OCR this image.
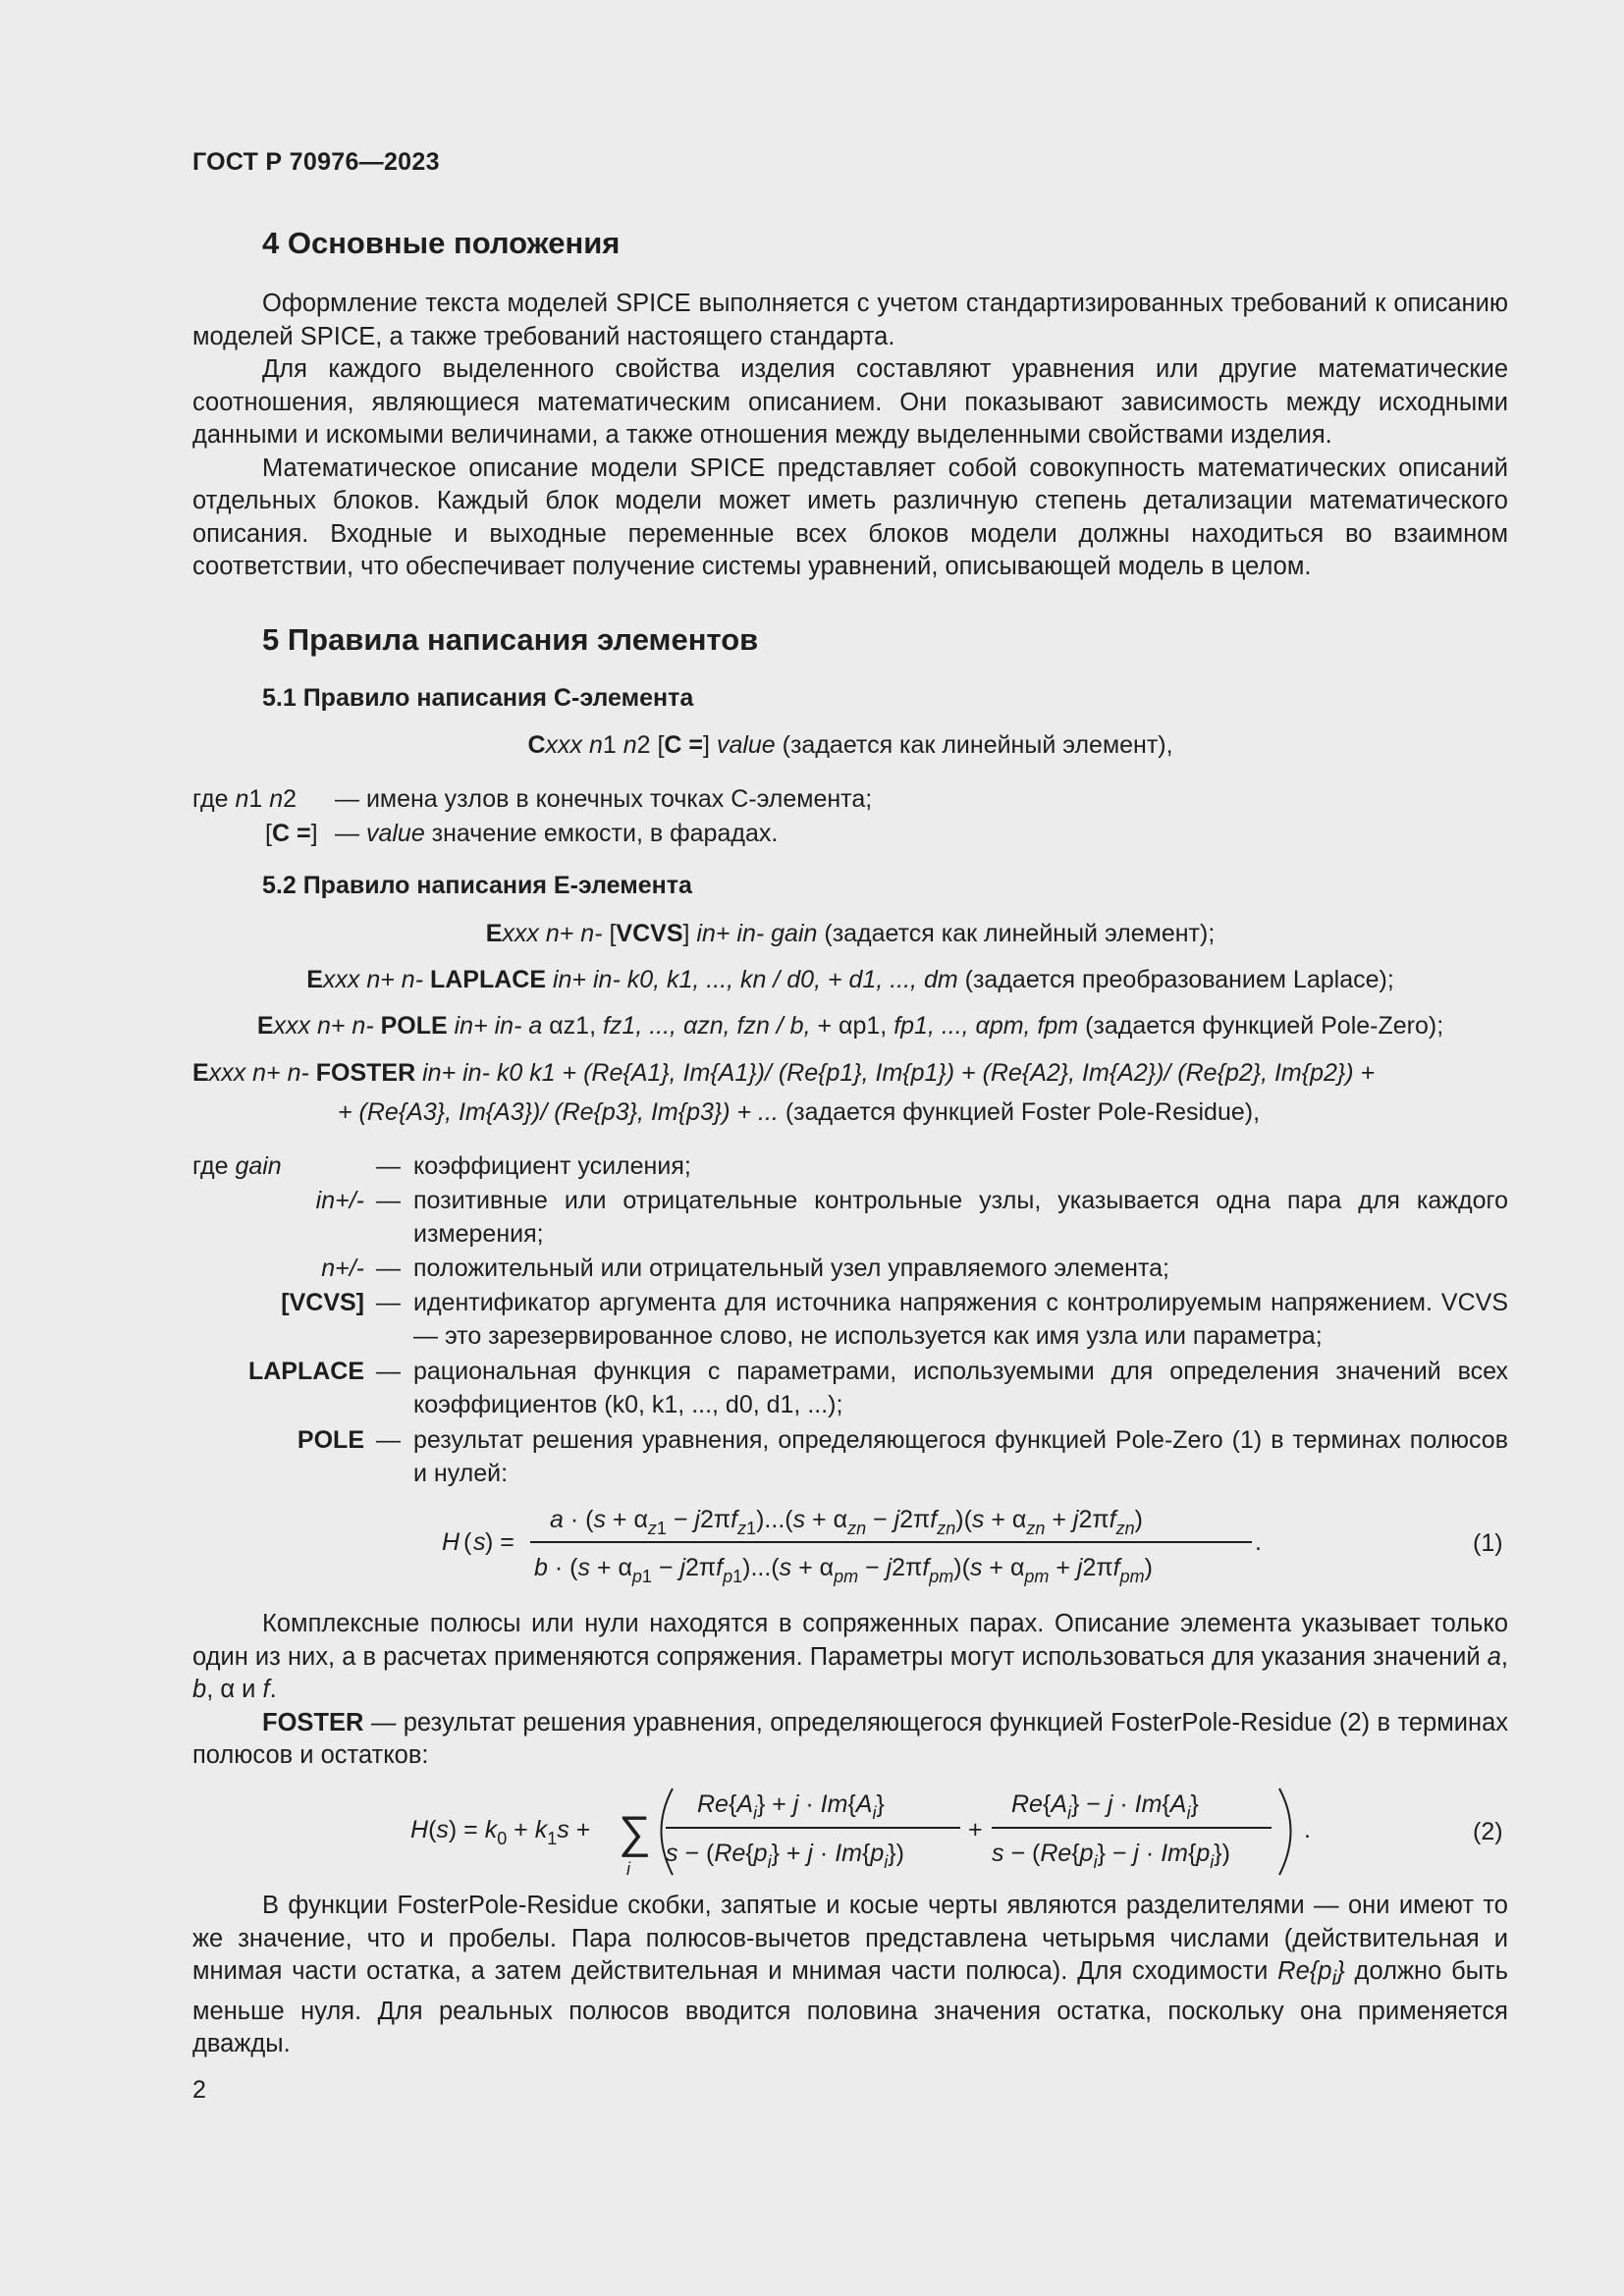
ГОСТ Р 70976—2023
4 Основные положения

Оформление текста моделей SPICE выполняется с учетом стандартизированных требований к описанию моделей SPICE, а также требований настоящего стандарта.

Для каждого выделенного свойства изделия составляют уравнения или другие математические соотношения, являющиеся математическим описанием. Они показывают зависимость между исходными данными и искомыми величинами, а также отношения между выделенными свойствами изделия.

Математическое описание модели SPICE представляет собой совокупность математических описаний отдельных блоков. Каждый блок модели может иметь различную степень детализации математического описания. Входные и выходные переменные всех блоков модели должны находиться во взаимном соответствии, что обеспечивает получение системы уравнений, описывающей модель в целом.

5 Правила написания элементов
5.1 Правило написания C-элемента
Cxxx n1 n2 [C =] value (задается как линейный элемент),
где n1 n2 — имена узлов в конечных точках C-элемента;
[C =] — value значение емкости, в фарадах.
5.2 Правило написания E-элемента
Exxx n+ n- [VCVS] in+ in- gain (задается как линейный элемент);
Exxx n+ n- LAPLACE in+ in- k0, k1, ..., kn / d0, + d1, ..., dm (задается преобразованием Laplace);
Exxx n+ n- POLE in+ in- a αz1, fz1, ..., αzn, fzn / b, + αp1, fp1, ..., αpm, fpm (задается функцией Pole-Zero);
Exxx n+ n- FOSTER in+ in- k0 k1 + (Re{A1}, Im{A1})/ (Re{p1}, Im{p1}) + (Re{A2}, Im{A2})/ (Re{p2}, Im{p2}) +
+ (Re{A3}, Im{A3})/ (Re{p3}, Im{p3}) + ... (задается функцией Foster Pole-Residue),
где gain	— коэффициент усиления;
in+/- — позитивные или отрицательные контрольные узлы, указывается одна пара для каждого измерения;
n+/- — положительный или отрицательный узел управляемого элемента;
[VCVS] — идентификатор аргумента для источника напряжения с контролируемым напряжением. VCVS — это зарезервированное слово, не используется как имя узла или параметра;
LAPLACE — рациональная функция с параметрами, используемыми для определения значений всех коэффициентов (k0, k1, ..., d0, d1, ...);
POLE — результат решения уравнения, определяющегося функцией Pole-Zero (1) в терминах полюсов и нулей:
H ( s ) =
$a \cdot (s + \alpha_z1 - j2\pi f_z1)...(s + \alpha_{zn} - j2\pi f_{zn})(s + \alpha_{zn} + j2\pi f_{zn})$
$b \cdot (s + \alpha_p1 - j2\pi f_p1)...(s + \alpha_{pm} - j2\pi f_{pm})(s + \alpha_{pm} + j2\pi f_{pm})$
.	(1)

Комплексные полюсы или нули находятся в сопряженных парах. Описание элемента указывает только один из них, а в расчетах применяются сопряжения. Параметры могут использоваться для указания значений a, b, α и f.

FOSTER — результат решения уравнения, определяющегося функцией FosterPole-Residue (2) в терминах полюсов и остатков:

$H(s) = k_0 + k_1s$ + ∑
i
$Re\{A_i\} + j \cdot Im\{A_i\}$
$s - (Re\{p_i\} + j \cdot Im\{p_i\})$
+
$Re\{A_i\} - j \cdot Im\{A_i\}$
$s - (Re\{p_i\} - j \cdot Im\{p_i\})$
.	(2)

В функции FosterPole-Residue скобки, запятые и косые черты являются разделителями — они имеют то же значение, что и пробелы. Пара полюсов-вычетов представлена четырьмя числами (действительная и мнимая части остатка, а затем действительная и мнимая части полюса). Для сходимости $Re\{p_i\}$ должно быть меньше нуля. Для реальных полюсов вводится половина значения остатка, поскольку она применяется дважды.

2
